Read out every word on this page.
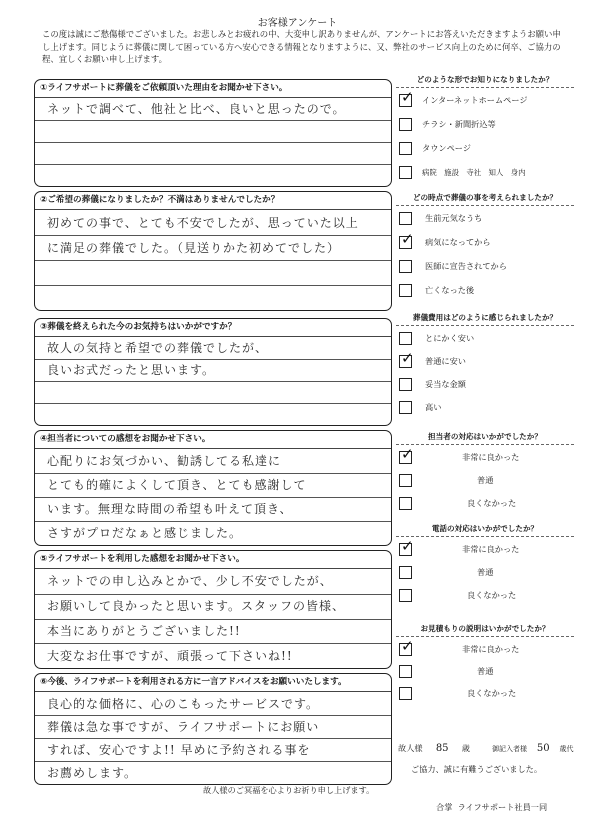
お客様アンケート
この度は誠にご愁傷様でございました。お悲しみとお疲れの中、大変申し訳ありませんが、アンケートにお答えいただきますようお願い申し上げます。同じように葬儀に関して困っている方へ安心できる情報となりますように、又、弊社のサービス向上のために何卒、ご協力の程、宜しくお願い申し上げます。
①ライフサポートに葬儀をご依頼頂いた理由をお聞かせ下さい。
ネットで調べて、他社と比べ、良いと思ったので。
②ご希望の葬儀になりましたか？不満はありませんでしたか？
初めての事で、とても不安でしたが、思っていた以上
に満足の葬儀でした。（見送りかた初めてでした）
③葬儀を終えられた今のお気持ちはいかがですか？
故人の気持と希望での葬儀でしたが、
良いお式だったと思います。
④担当者についての感想をお聞かせ下さい。
心配りにお気づかい、勧誘してる私達に
とても的確によくして頂き、とても感謝して
います。無理な時間の希望も叶えて頂き、
さすがプロだなぁと感じました。
⑤ライフサポートを利用した感想をお聞かせ下さい。
ネットでの申し込みとかで、少し不安でしたが、
お願いして良かったと思います。スタッフの皆様、
本当にありがとうございました!!
大変なお仕事ですが、頑張って下さいね!!
⑥今後、ライフサポートを利用される方に一言アドバイスをお願いいたします。
良心的な価格に、心のこもったサービスです。
葬儀は急な事ですが、ライフサポートにお願い
すれば、安心ですよ!! 早めに予約される事を
お薦めします。
どのような形でお知りになりましたか？
✓ インターネットホームページ
チラシ・新聞折込等
タウンページ
病院　施設　寺社　知人　身内
どの時点で葬儀の事を考えられましたか？
生前元気なうち
✓ 病気になってから
医師に宣告されてから
亡くなった後
葬儀費用はどのように感じられましたか？
とにかく安い
✓ 普通に安い
妥当な金額
高い
担当者の対応はいかがでしたか？
✓	非常に良かった
普通
良くなかった
電話の対応はいかがでしたか？
✓	非常に良かった
普通
良くなかった
お見積もりの説明はいかがでしたか？
✓	非常に良かった
普通
良くなかった
故人様 85 歳	御記入者様 50 歳代
ご協力、誠に有難うございました。
故人様のご冥福を心よりお祈り申し上げます。
合掌 ライフサポート社員一同
